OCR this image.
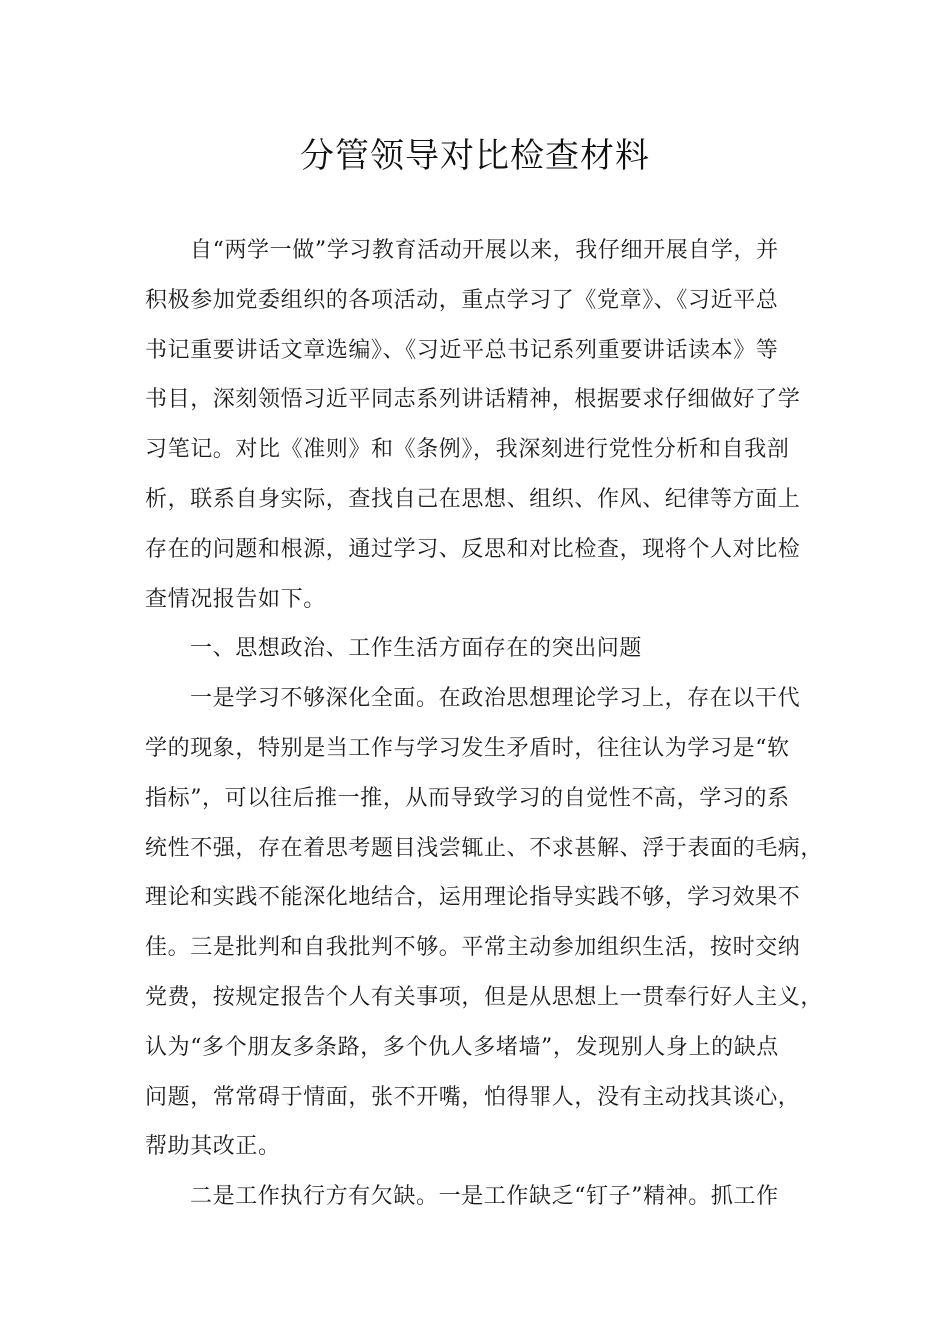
分管领导对比检查材料
自“两学一做”学习教育活动开展以来，我仔细开展自学，并
积极参加党委组织的各项活动，重点学习了《党章》、《习近平总
书记重要讲话文章选编》、《习近平总书记系列重要讲话读本》等
书目，深刻领悟习近平同志系列讲话精神，根据要求仔细做好了学
习笔记。对比《准则》和《条例》，我深刻进行党性分析和自我剖
析，联系自身实际，查找自己在思想、组织、作风、纪律等方面上
存在的问题和根源，通过学习、反思和对比检查，现将个人对比检
查情况报告如下。
一、思想政治、工作生活方面存在的突出问题
一是学习不够深化全面。在政治思想理论学习上，存在以干代
学的现象，特别是当工作与学习发生矛盾时，往往认为学习是“软
指标”，可以往后推一推，从而导致学习的自觉性不高，学习的系
统性不强，存在着思考题目浅尝辄止、不求甚解、浮于表面的毛病，
理论和实践不能深化地结合，运用理论指导实践不够，学习效果不
佳。三是批判和自我批判不够。平常主动参加组织生活，按时交纳
党费，按规定报告个人有关事项，但是从思想上一贯奉行好人主义，
认为“多个朋友多条路，多个仇人多堵墙”，发现别人身上的缺点
问题，常常碍于情面，张不开嘴，怕得罪人，没有主动找其谈心，
帮助其改正。
二是工作执行方有欠缺。一是工作缺乏“钉子”精神。抓工作
